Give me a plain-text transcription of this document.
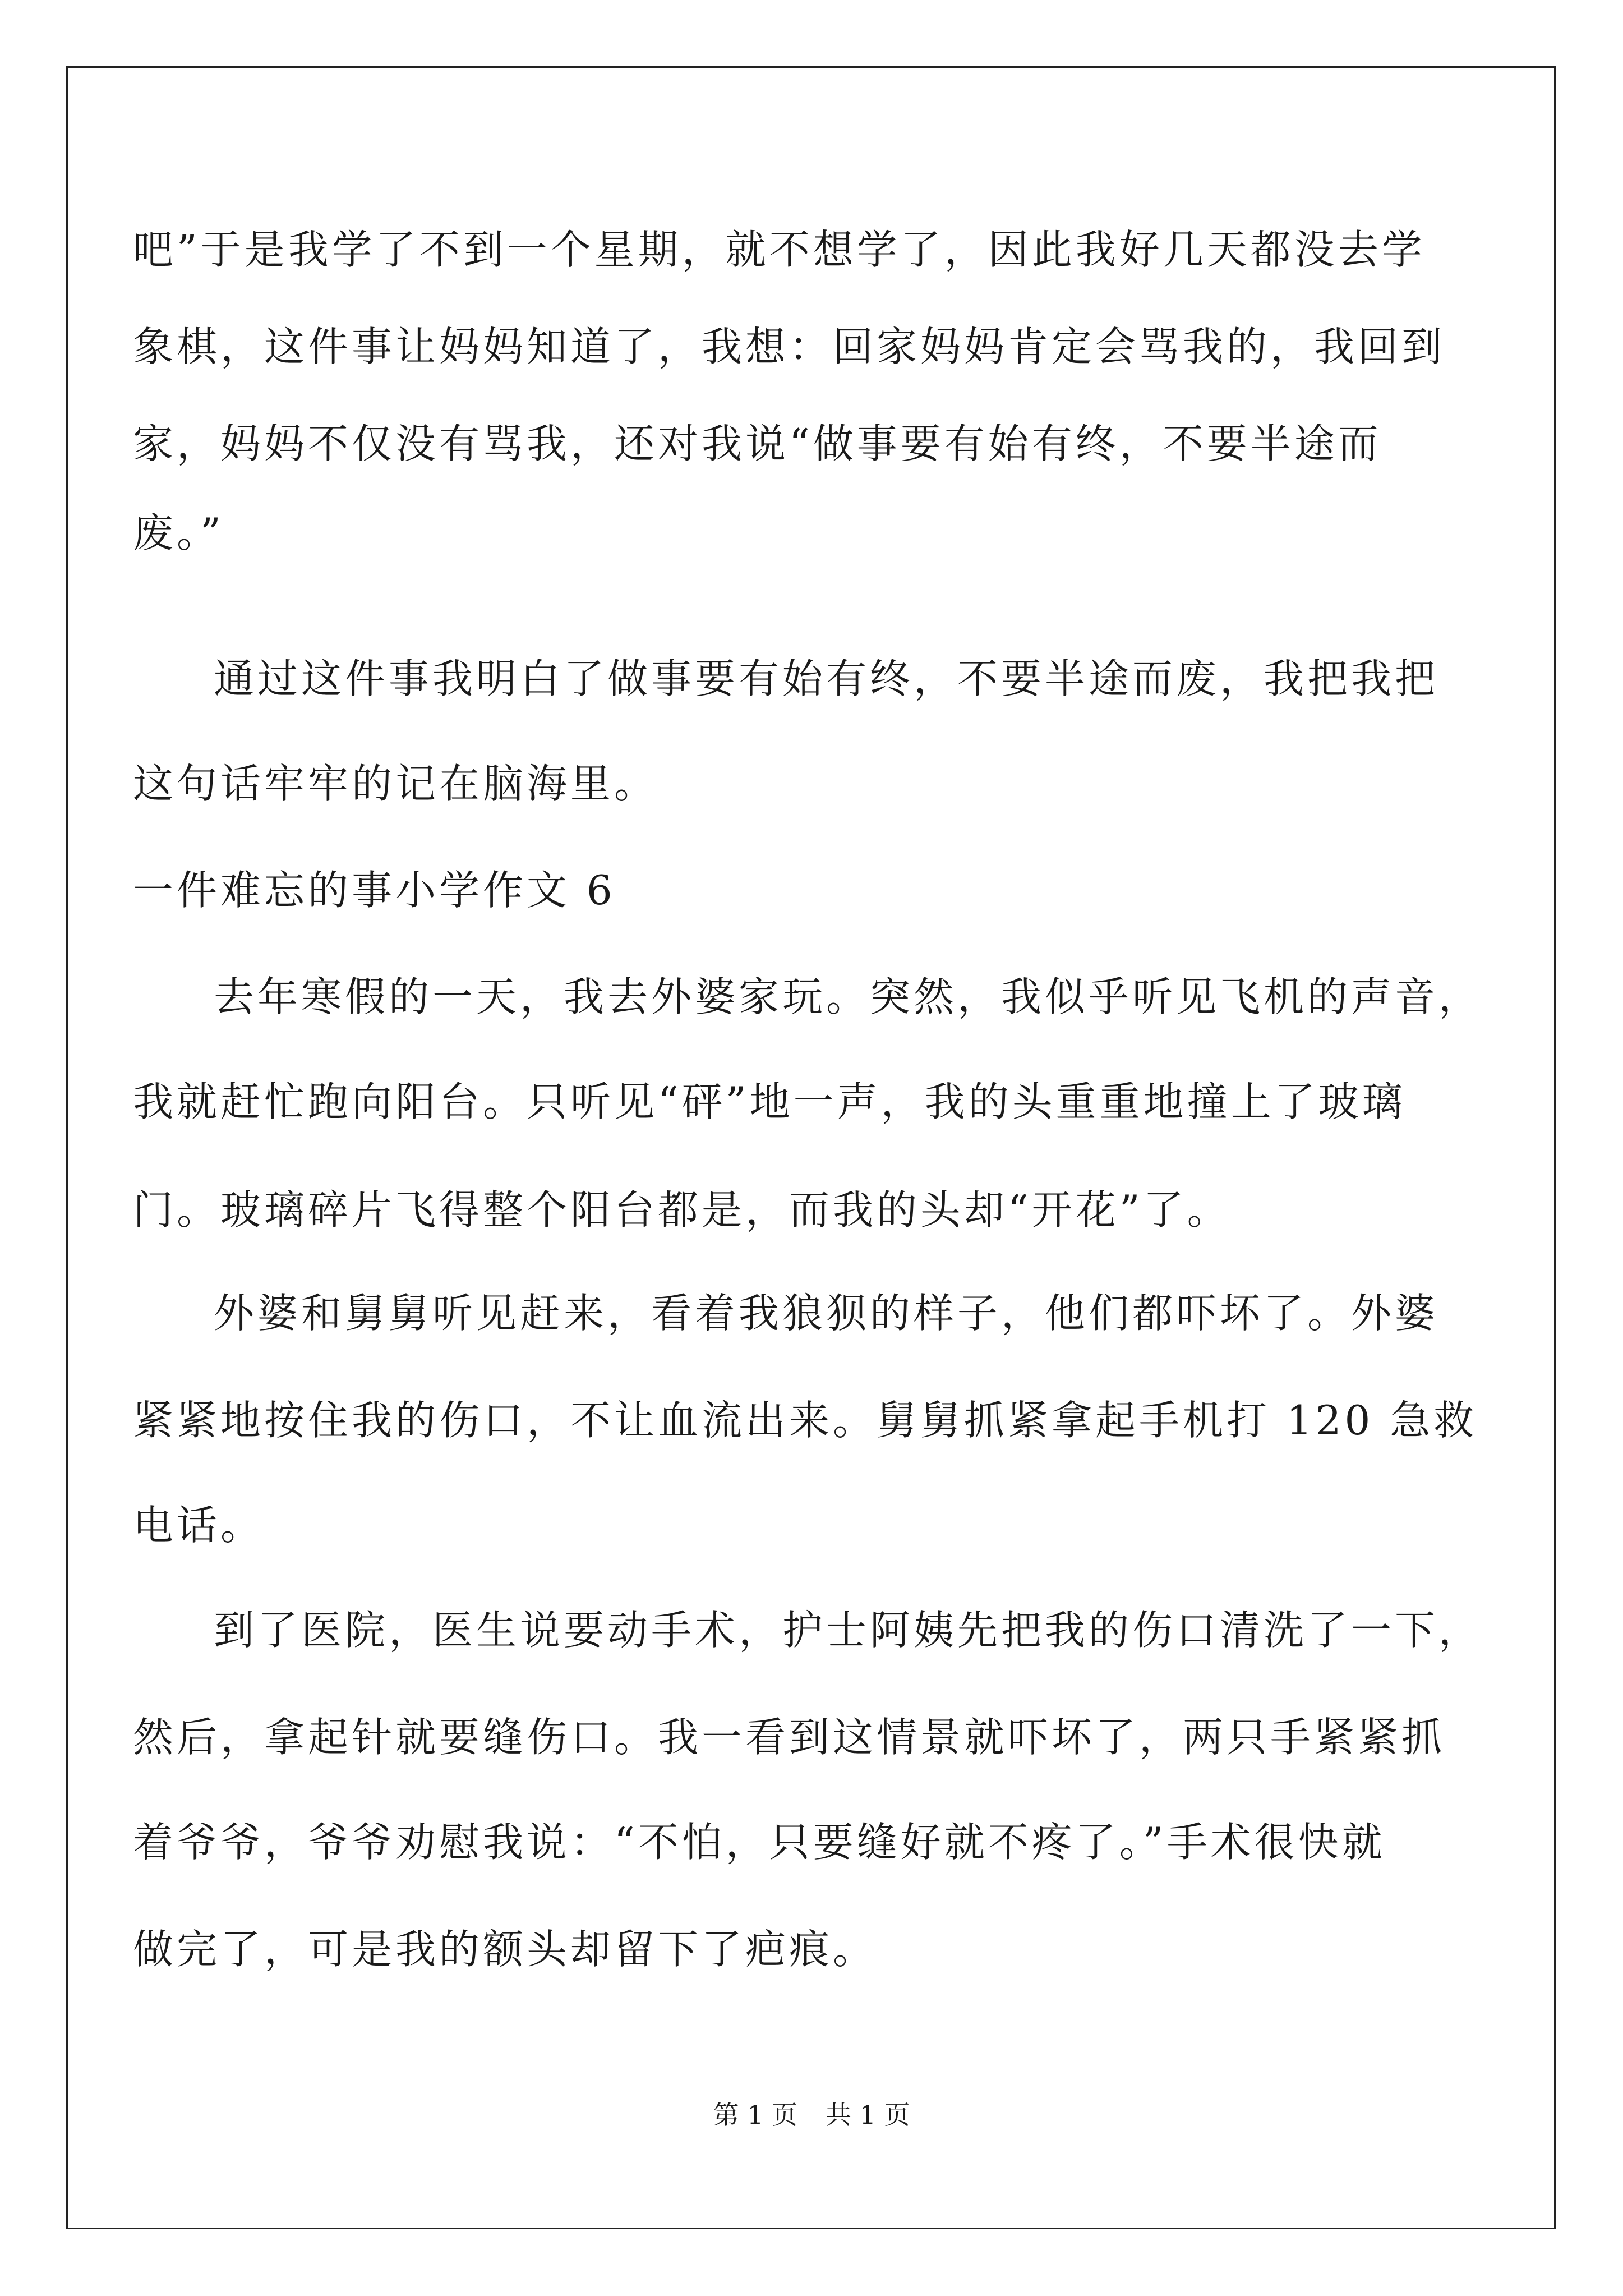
吧”于是我学了不到一个星期，就不想学了，因此我好几天都没去学
象棋，这件事让妈妈知道了，我想：回家妈妈肯定会骂我的，我回到
家，妈妈不仅没有骂我，还对我说“做事要有始有终，不要半途而
废。”
通过这件事我明白了做事要有始有终，不要半途而废，我把我把
这句话牢牢的记在脑海里。
一件难忘的事小学作文 6
去年寒假的一天，我去外婆家玩。突然，我似乎听见飞机的声音，
我就赶忙跑向阳台。只听见“砰”地一声，我的头重重地撞上了玻璃
门。玻璃碎片飞得整个阳台都是，而我的头却“开花”了。
外婆和舅舅听见赶来，看着我狼狈的样子，他们都吓坏了。外婆
紧紧地按住我的伤口，不让血流出来。舅舅抓紧拿起手机打 120 急救
电话。
到了医院，医生说要动手术，护士阿姨先把我的伤口清洗了一下，
然后，拿起针就要缝伤口。我一看到这情景就吓坏了，两只手紧紧抓
着爷爷，爷爷劝慰我说：“不怕，只要缝好就不疼了。”手术很快就
做完了，可是我的额头却留下了疤痕。
第 1 页 共 1 页
